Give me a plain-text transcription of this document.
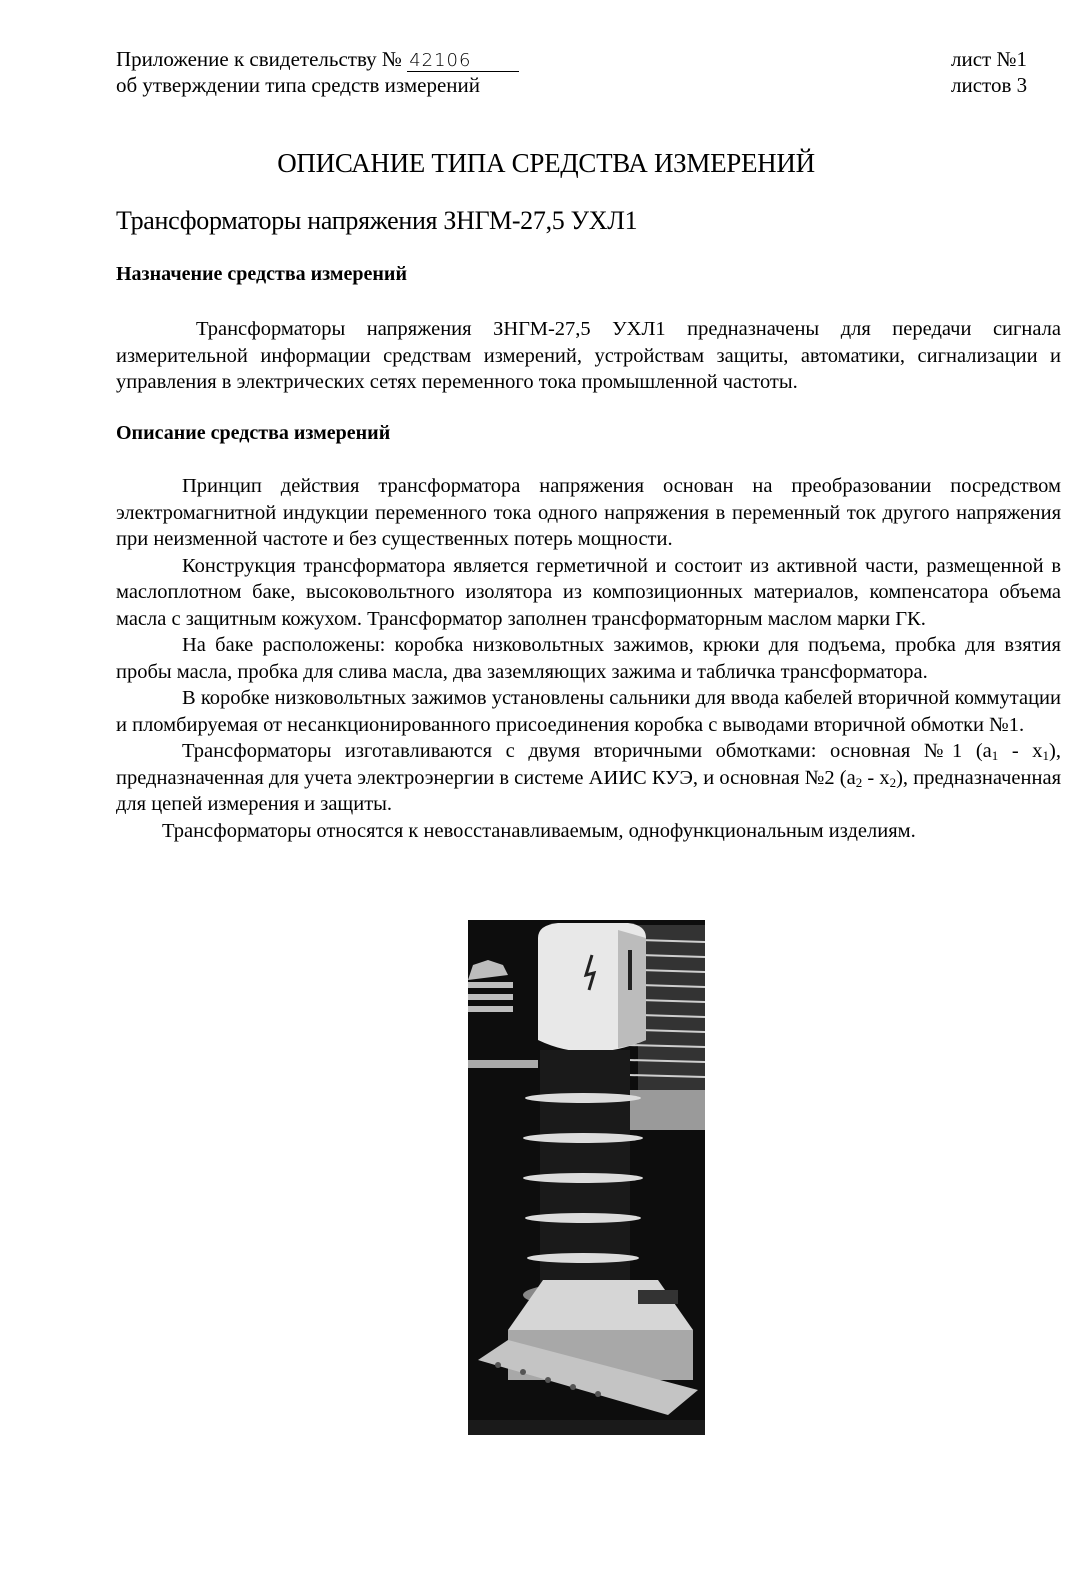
Приложение к свидетельству № 42106
об утверждении типа средств измерений
лист №1
листов 3
ОПИСАНИЕ ТИПА СРЕДСТВА ИЗМЕРЕНИЙ
Трансформаторы напряжения ЗНГМ-27,5 УХЛ1
Назначение средства измерений

Трансформаторы напряжения ЗНГМ-27,5 УХЛ1 предназначены для передачи сигнала измерительной информации средствам измерений, устройствам защиты, автоматики, сигнализации и управления в электрических сетях переменного тока промышленной частоты.

Описание средства измерений

Принцип действия трансформатора напряжения основан на преобразовании посредством электромагнитной индукции переменного тока одного напряжения в переменный ток другого напряжения при неизменной частоте и без существенных потерь мощности.

Конструкция трансформатора является герметичной и состоит из активной части, размещенной в маслоплотном баке, высоковольтного изолятора из композиционных материалов, компенсатора объема масла с защитным кожухом. Трансформатор заполнен трансформаторным маслом марки ГК.

На баке расположены: коробка низковольтных зажимов, крюки для подъема, пробка для взятия пробы масла, пробка для слива масла, два заземляющих зажима и табличка трансформатора.

В коробке низковольтных зажимов установлены сальники для ввода кабелей вторичной коммутации и пломбируемая от несанкционированного присоединения коробка с выводами вторичной обмотки №1.

Трансформаторы изготавливаются с двумя вторичными обмотками: основная №1 $(a_1 - x_1)$, предназначенная для учета электроэнергии в системе АИИС КУЭ, и основная №2 $(a_2 - x_2)$, предназначенная для цепей измерения и защиты.

Трансформаторы относятся к невосстанавливаемым, однофункциональным изделиям.
